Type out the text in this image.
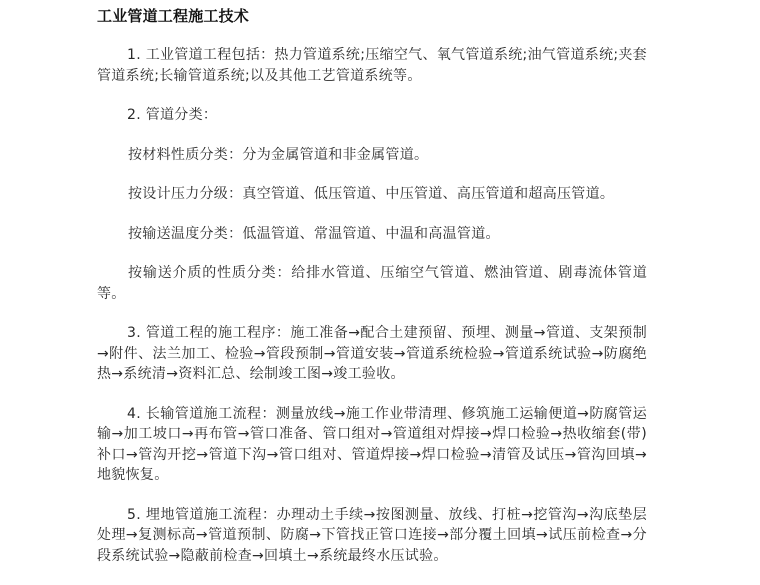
工业管道工程施工技术

1. 工业管道工程包括：热力管道系统;压缩空气、氧气管道系统;油气管道系统;夹套管道系统;长输管道系统;以及其他工艺管道系统等。

2. 管道分类：

按材料性质分类：分为金属管道和非金属管道。

按设计压力分级：真空管道、低压管道、中压管道、高压管道和超高压管道。

按输送温度分类：低温管道、常温管道、中温和高温管道。

按输送介质的性质分类：给排水管道、压缩空气管道、燃油管道、剧毒流体管道等。

3. 管道工程的施工程序：施工准备→配合土建预留、预埋、测量→管道、支架预制→附件、法兰加工、检验→管段预制→管道安装→管道系统检验→管道系统试验→防腐绝热→系统清→资料汇总、绘制竣工图→竣工验收。

4. 长输管道施工流程：测量放线→施工作业带清理、修筑施工运输便道→防腐管运输→加工坡口→再布管→管口准备、管口组对→管道组对焊接→焊口检验→热收缩套(带)补口→管沟开挖→管道下沟→管口组对、管道焊接→焊口检验→清管及试压→管沟回填→地貌恢复。

5. 埋地管道施工流程：办理动土手续→按图测量、放线、打桩→挖管沟→沟底垫层处理→复测标高→管道预制、防腐→下管找正管口连接→部分覆土回填→试压前检查→分段系统试验→隐蔽前检查→回填土→系统最终水压试验。
